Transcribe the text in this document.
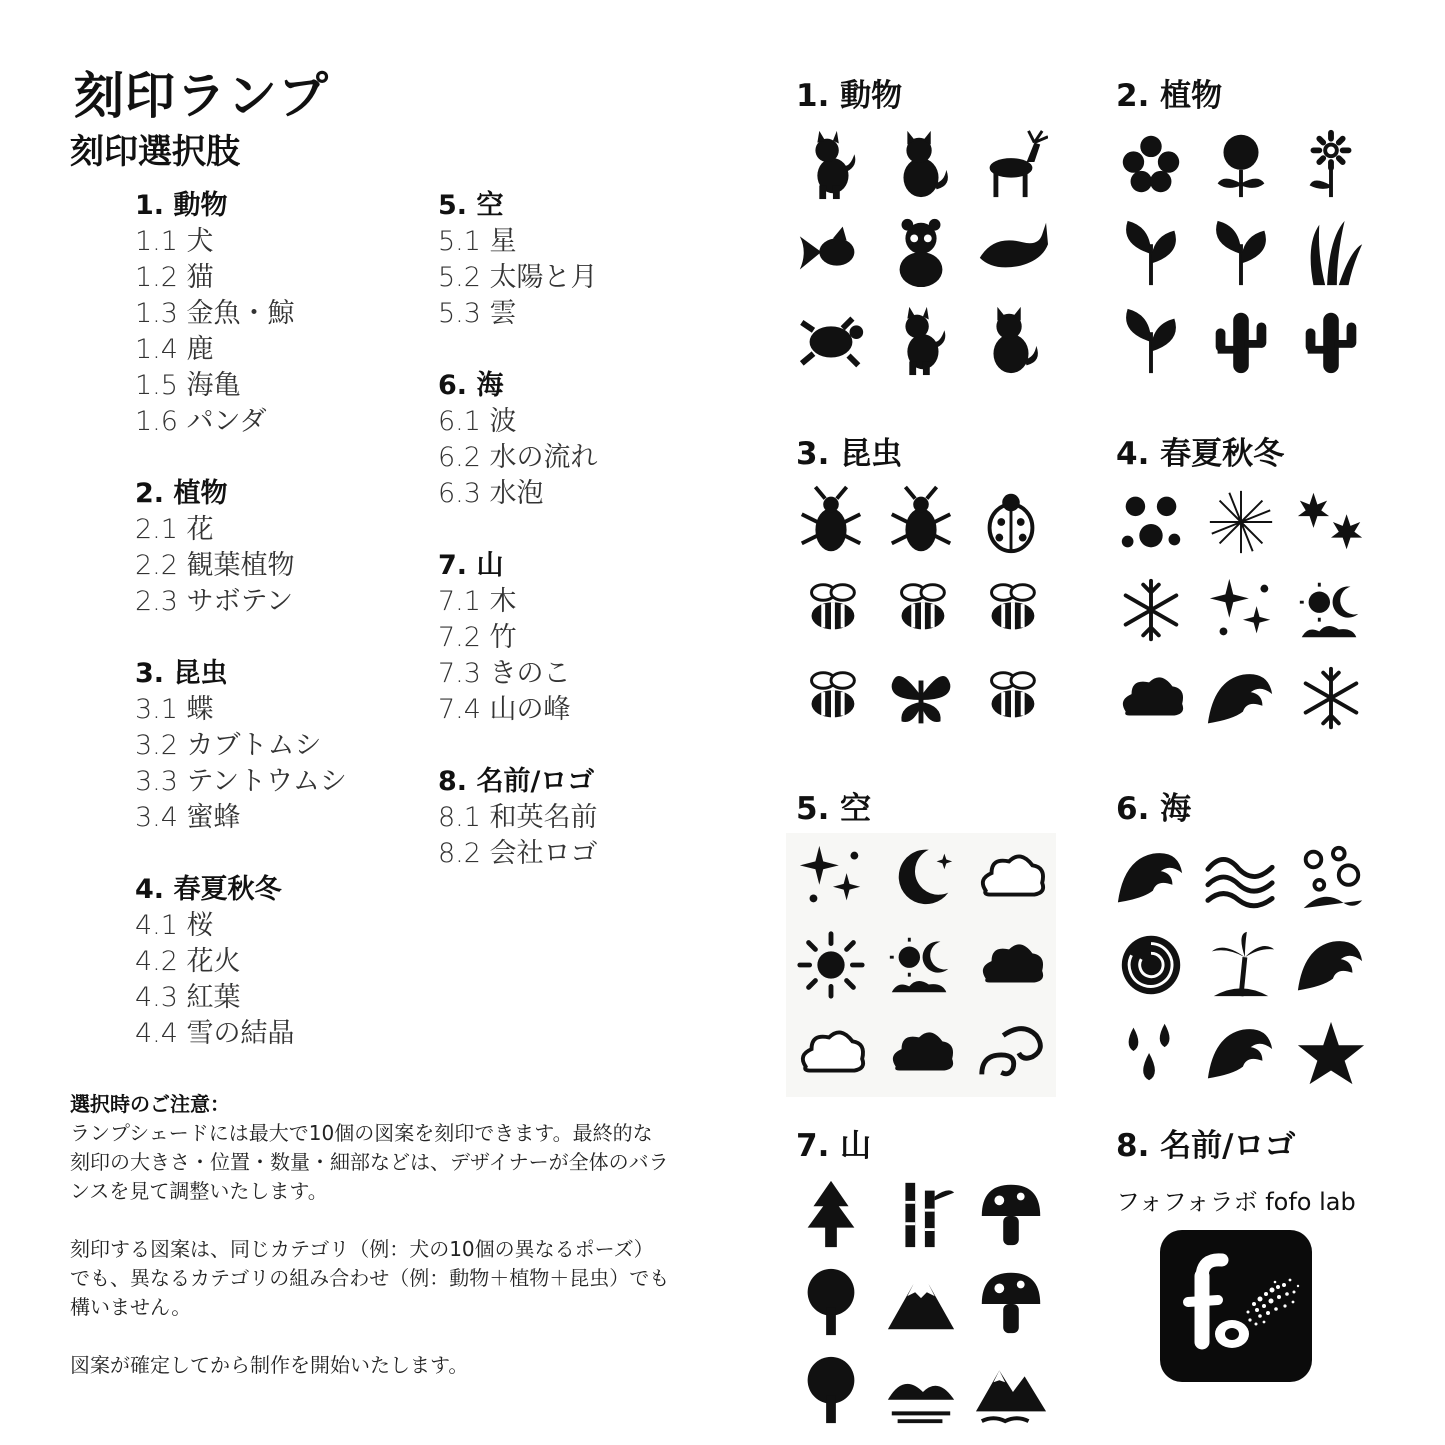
刻印ランプ
刻印選択肢
1. 動物
1.1 犬
1.2 猫
1.3 金魚・鯨
1.4 鹿
1.5 海亀
1.6 パンダ
2. 植物
2.1 花
2.2 観葉植物
2.3 サボテン
3. 昆虫
3.1 蝶
3.2 カブトムシ
3.3 テントウムシ
3.4 蜜蜂
4. 春夏秋冬
4.1 桜
4.2 花火
4.3 紅葉
4.4 雪の結晶
5. 空
5.1 星
5.2 太陽と月
5.3 雲
6. 海
6.1 波
6.2 水の流れ
6.3 水泡
7. 山
7.1 木
7.2 竹
7.3 きのこ
7.4 山の峰
8. 名前/ロゴ
8.1 和英名前
8.2 会社ロゴ
選択時のご注意：

ランプシェードには最大で10個の図案を刻印できます。最終的な刻印の大きさ・位置・数量・細部などは、デザイナーが全体のバランスを見て調整いたします。

刻印する図案は、同じカテゴリ（例：犬の10個の異なるポーズ）でも、異なるカテゴリの組み合わせ（例：動物＋植物＋昆虫）でも構いません。

図案が確定してから制作を開始いたします。

1. 動物	2. 植物
3. 昆虫	4. 春夏秋冬
5. 空	6. 海
7. 山	8. 名前/ロゴ
フォフォラボ fofo lab
